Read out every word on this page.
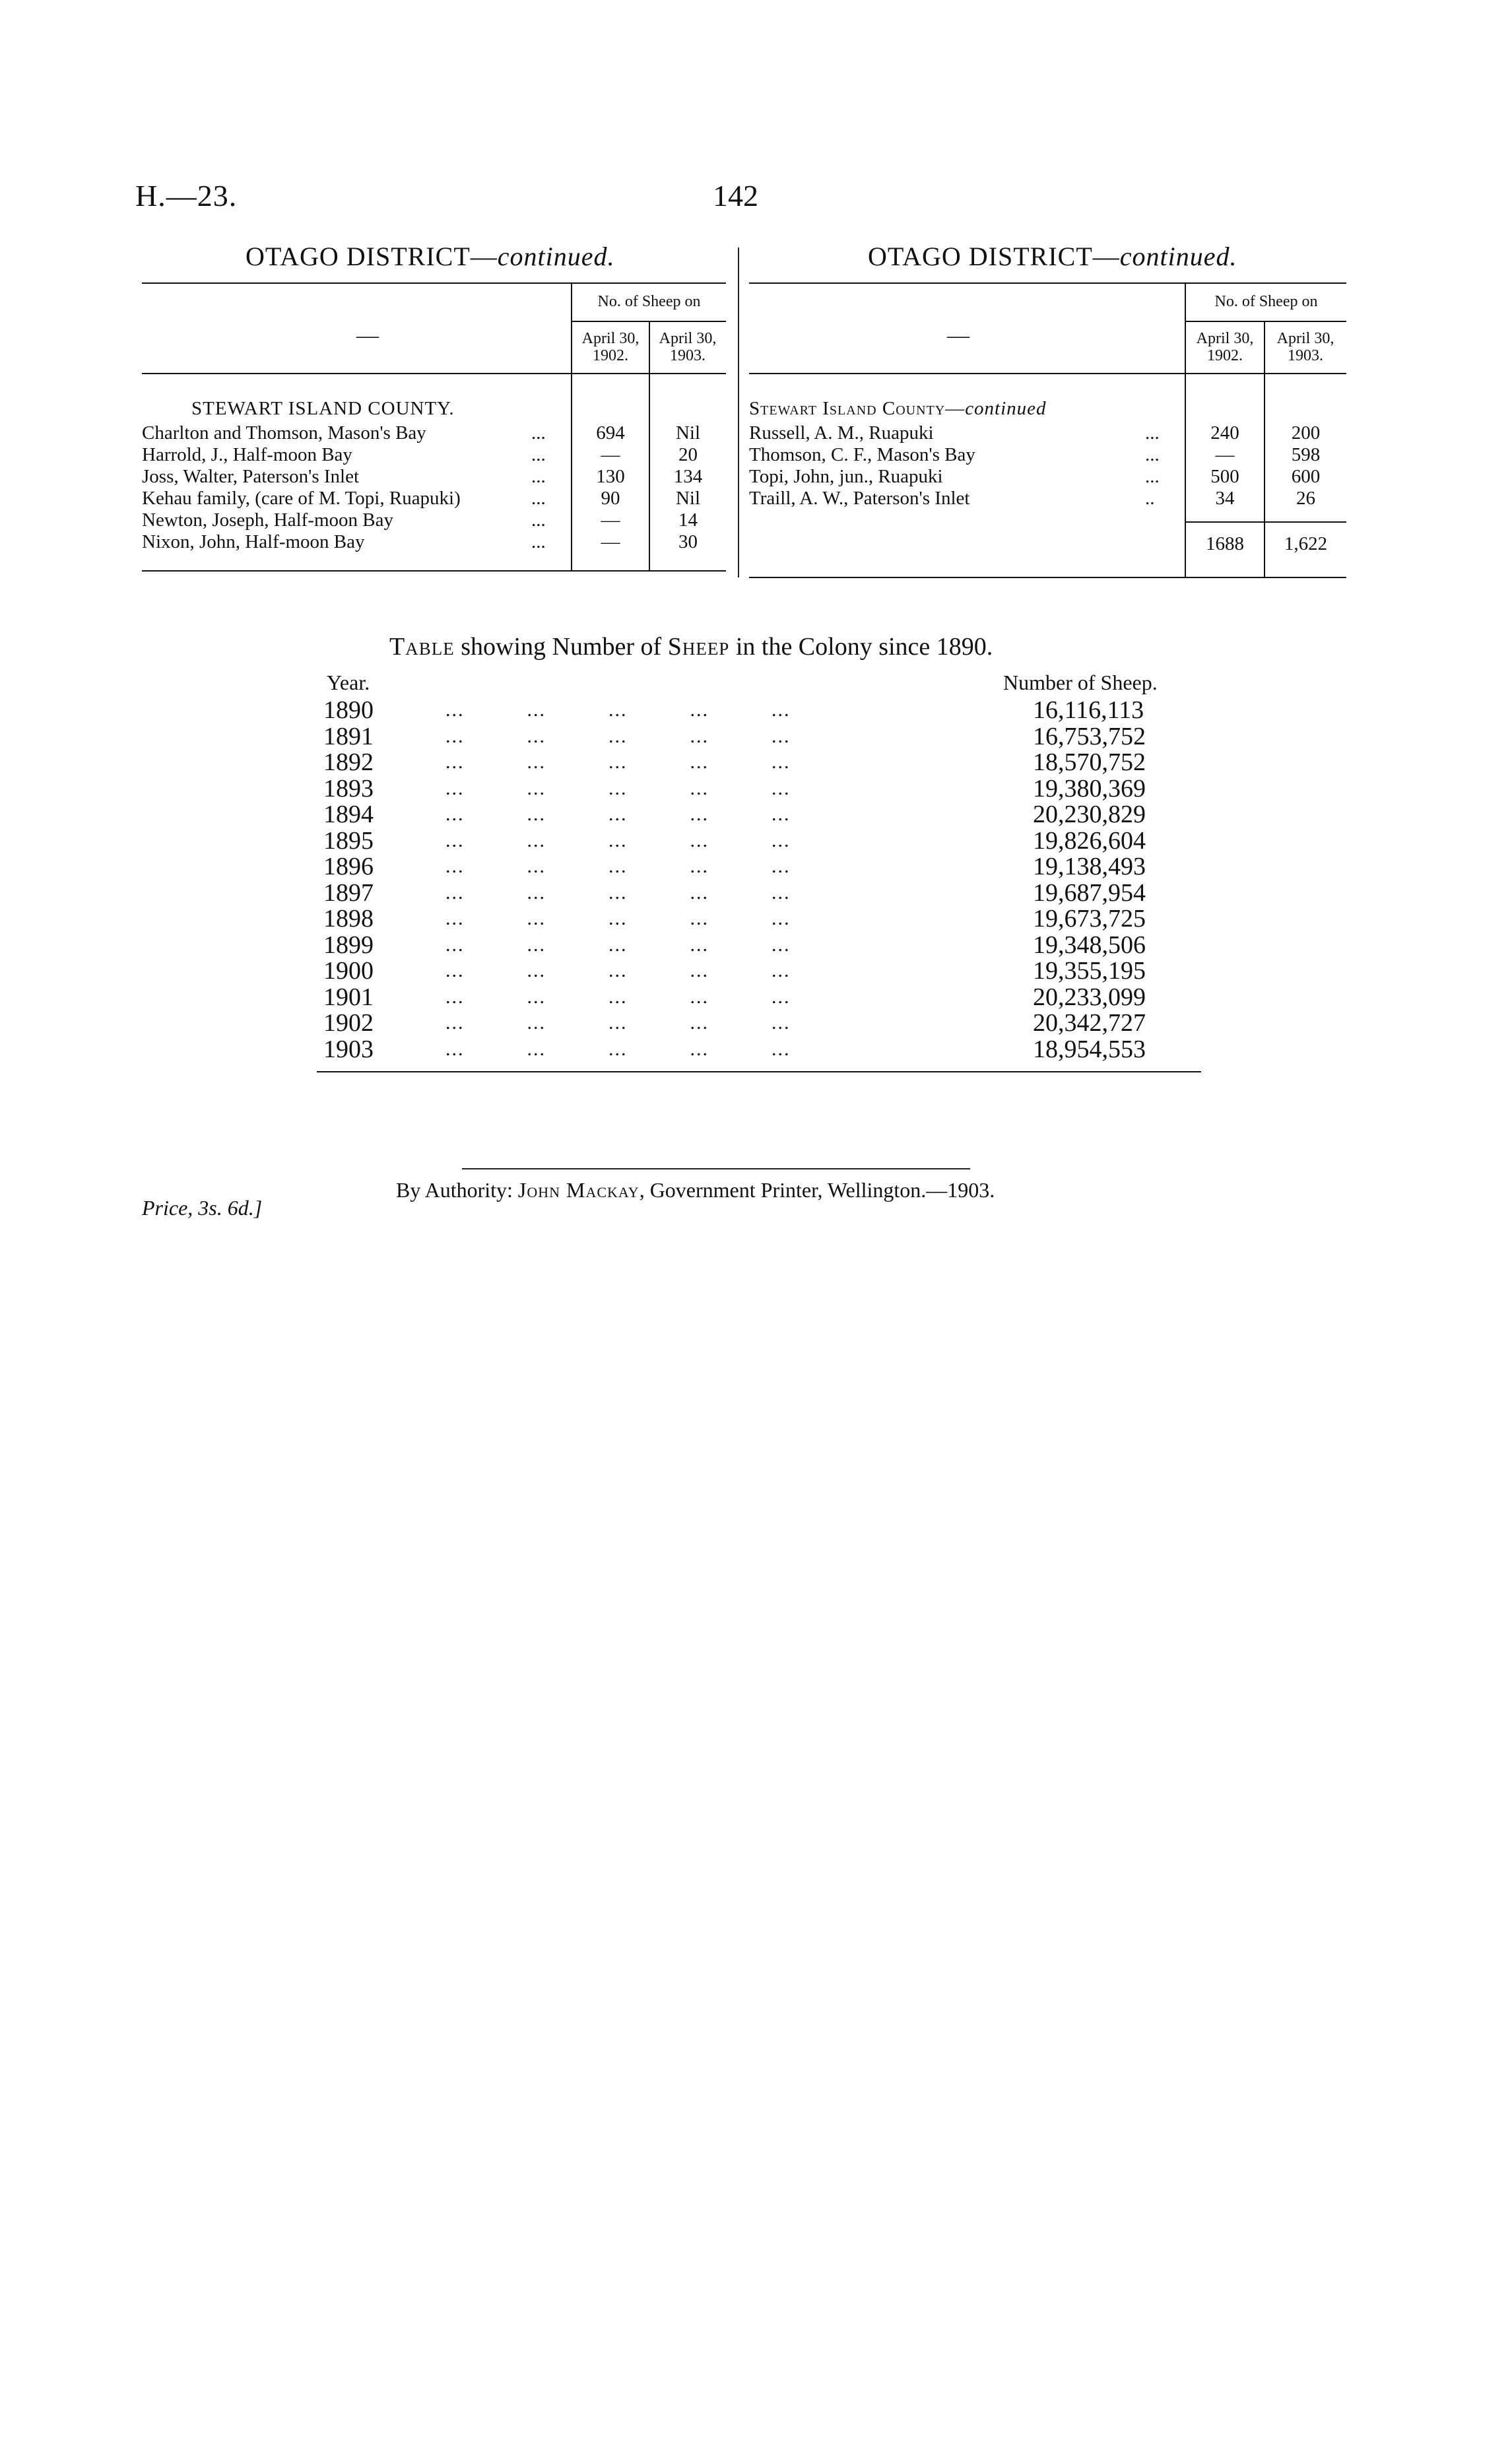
H.—23.	142
OTAGO DISTRICT—continued.
No. of Sheep on
April 30, 1902.
April 30, 1903.
—
STEWART ISLAND COUNTY.
Charlton and Thomson, Mason's Bay	...	694	Nil
Harrold, J., Half-moon Bay	...	—	20
Joss, Walter, Paterson's Inlet	...	130	134
Kehau family, (care of M. Topi, Ruapuki)	...	90	Nil
Newton, Joseph, Half-moon Bay	...	—	14
Nixon, John, Half-moon Bay	...	—	30
OTAGO DISTRICT—continued.
No. of Sheep on
April 30, 1902.
April 30, 1903.
—
Stewart Island County—continued
Russell, A. M., Ruapuki	...	240	200
Thomson, C. F., Mason's Bay	...	—	598
Topi, John, jun., Ruapuki	...	500	600
Traill, A. W., Paterson's Inlet	..	34	26
1688	1,622
Table showing Number of Sheep in the Colony since 1890.
Year.	Number of Sheep.
1890	...          ...          ...          ...          ...	16,116,113
1891	...          ...          ...          ...          ...	16,753,752
1892	...          ...          ...          ...          ...	18,570,752
1893	...          ...          ...          ...          ...	19,380,369
1894	...          ...          ...          ...          ...	20,230,829
1895	...          ...          ...          ...          ...	19,826,604
1896	...          ...          ...          ...          ...	19,138,493
1897	...          ...          ...          ...          ...	19,687,954
1898	...          ...          ...          ...          ...	19,673,725
1899	...          ...          ...          ...          ...	19,348,506
1900	...          ...          ...          ...          ...	19,355,195
1901	...          ...          ...          ...          ...	20,233,099
1902	...          ...          ...          ...          ...	20,342,727
1903	...          ...          ...          ...          ...	18,954,553
By Authority: John Mackay, Government Printer, Wellington.—1903.
Price, 3s. 6d.]
